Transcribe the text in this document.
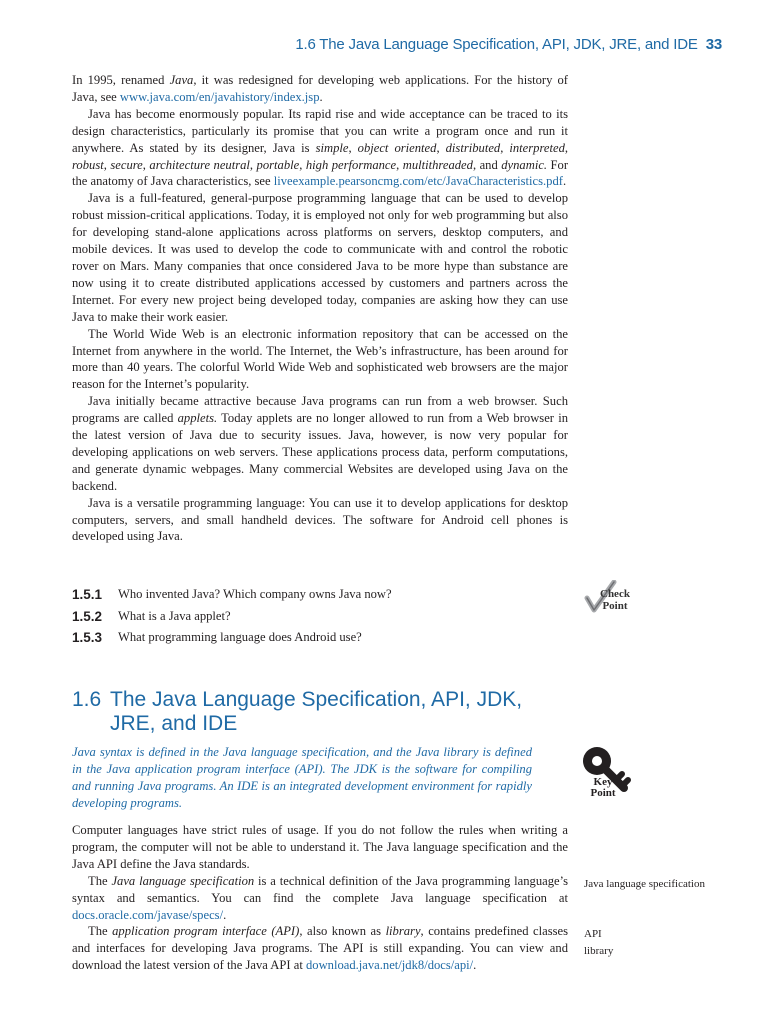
1.6 The Java Language Specification, API, JDK, JRE, and IDE 33

In 1995, renamed Java, it was redesigned for developing web applications. For the history of Java, see www.java.com/en/javahistory/index.jsp.

Java has become enormously popular. Its rapid rise and wide acceptance can be traced to its design characteristics, particularly its promise that you can write a program once and run it anywhere. As stated by its designer, Java is simple, object oriented, distributed, interpreted, robust, secure, architecture neutral, portable, high performance, multithreaded, and dynamic. For the anatomy of Java characteristics, see liveexample.pearsoncmg.com/etc/JavaCharacteristics.pdf.

Java is a full-featured, general-purpose programming language that can be used to develop robust mission-critical applications. Today, it is employed not only for web programming but also for developing stand-alone applications across platforms on servers, desktop computers, and mobile devices. It was used to develop the code to communicate with and control the robotic rover on Mars. Many companies that once considered Java to be more hype than substance are now using it to create distributed applications accessed by customers and partners across the Internet. For every new project being developed today, companies are asking how they can use Java to make their work easier.

The World Wide Web is an electronic information repository that can be accessed on the Internet from anywhere in the world. The Internet, the Web’s infrastructure, has been around for more than 40 years. The colorful World Wide Web and sophisticated web browsers are the major reason for the Internet’s popularity.

Java initially became attractive because Java programs can run from a web browser. Such programs are called applets. Today applets are no longer allowed to run from a Web browser in the latest version of Java due to security issues. Java, however, is now very popular for developing applications on web servers. These applications process data, perform computations, and generate dynamic webpages. Many commercial Websites are developed using Java on the backend.

Java is a versatile programming language: You can use it to develop applications for desktop computers, servers, and small handheld devices. The software for Android cell phones is developed using Java.

1.5.1	Who invented Java? Which company owns Java now?
1.5.2	What is a Java applet?
1.5.3	What programming language does Android use?
Check
Point
1.6 The Java Language Specification, API, JDK,
JRE, and IDE

Java syntax is defined in the Java language specification, and the Java library is defined in the Java application program interface (API). The JDK is the software for compiling and running Java programs. An IDE is an integrated development environment for rapidly developing programs.

Key
Point

Computer languages have strict rules of usage. If you do not follow the rules when writing a program, the computer will not be able to understand it. The Java language specification and the Java API define the Java standards.

The Java language specification is a technical definition of the Java programming language’s syntax and semantics. You can find the complete Java language specification at docs.oracle.com/javase/specs/.

The application program interface (API), also known as library, contains predefined classes and interfaces for developing Java programs. The API is still expanding. You can view and download the latest version of the Java API at download.java.net/jdk8/docs/api/.

Java language specification
API
library
